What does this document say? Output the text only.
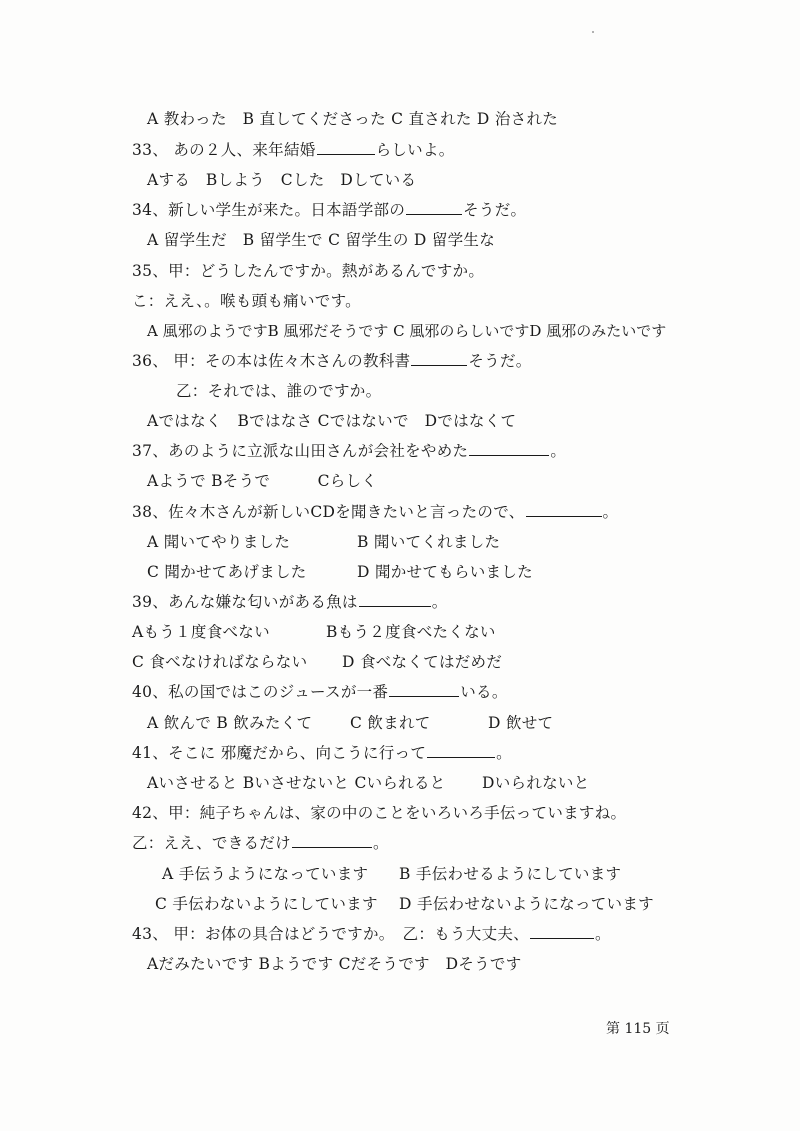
A 教わった　B 直してくださった C 直された D 治された
33、 あの２人、来年結婚	らしいよ。
Aする　Bしよう　Cした　Dしている
34、新しい学生が来た。日本語学部の	そうだ。
A 留学生だ　B 留学生で C 留学生の D 留学生な
35、甲：どうしたんですか。熱があるんですか。
こ：ええ、。喉も頭も痛いです。
A 風邪のようですB 風邪だそうです C 風邪のらしいですD 風邪のみたいです
36、 甲：その本は佐々木さんの教科書	そうだ。
乙：それでは、誰のですか。
Aではなく　Bではなさ Cではないで　Dではなくて
37、あのように立派な山田さんが会社をやめた	。
Aようで Bそうで　　　Cらしく
38、佐々木さんが新しいCDを聞きたいと言ったので、	。
A 聞いてやりました	B 聞いてくれました
C 聞かせてあげました	D 聞かせてもらいました
39、あんな嫌な匂いがある魚は	。
Aもう１度食べない	Bもう２度食べたくない
C 食べなければならない D 食べなくてはだめだ
40、私の国ではこのジュースが一番	いる。
A 飲んで B 飲みたくて C 飲まれて	D 飲せて
41、そこに 邪魔だから、向こうに行って	。
Aいさせると Bいさせないと Cいられると Dいられないと
42、甲：純子ちゃんは、家の中のことをいろいろ手伝っていますね。
乙：ええ、できるだけ	。
A 手伝うようになっています B 手伝わせるようにしています
C 手伝わないようにしています D 手伝わせないようになっています
43、 甲：お体の具合はどうですか。　乙：もう大丈夫、	。
Aだみたいです Bようです Cだそうです　Dそうです
第 115 页
